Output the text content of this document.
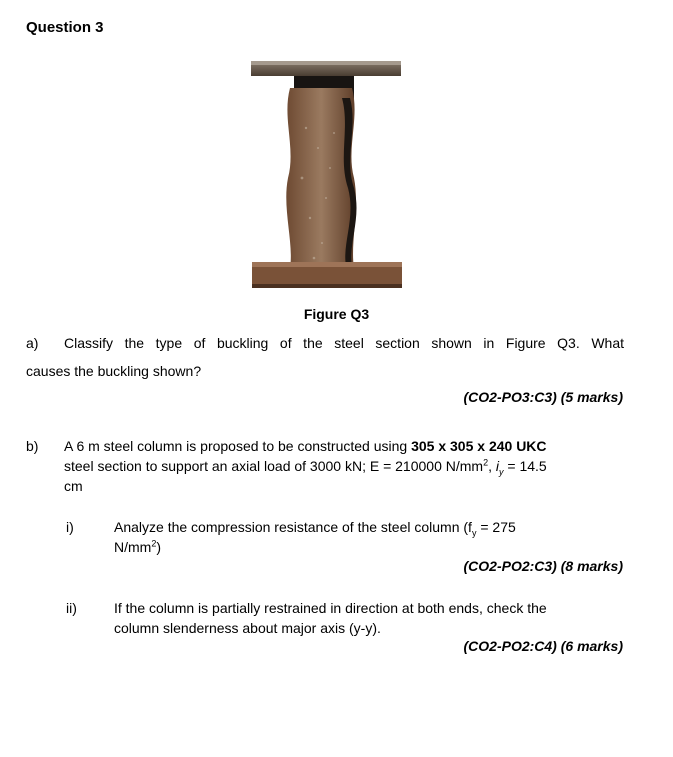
Question 3
Figure Q3
a) Classify the type of buckling of the steel section shown in Figure Q3. What
causes the buckling shown?
(CO2-PO3:C3) (5 marks)
b) A 6 m steel column is proposed to be constructed using 305 x 305 x 240 UKC
steel section to support an axial load of 3000 kN; E = 210000 $N/mm^2$, $i_y = 14.5$
cm
i)	Analyze the compression resistance of the steel column ($f_y = 275$
$N/mm^2$)
(CO2-PO2:C3) (8 marks)
ii)	If the column is partially restrained in direction at both ends, check the
column slenderness about major axis (y-y).
(CO2-PO2:C4) (6 marks)
